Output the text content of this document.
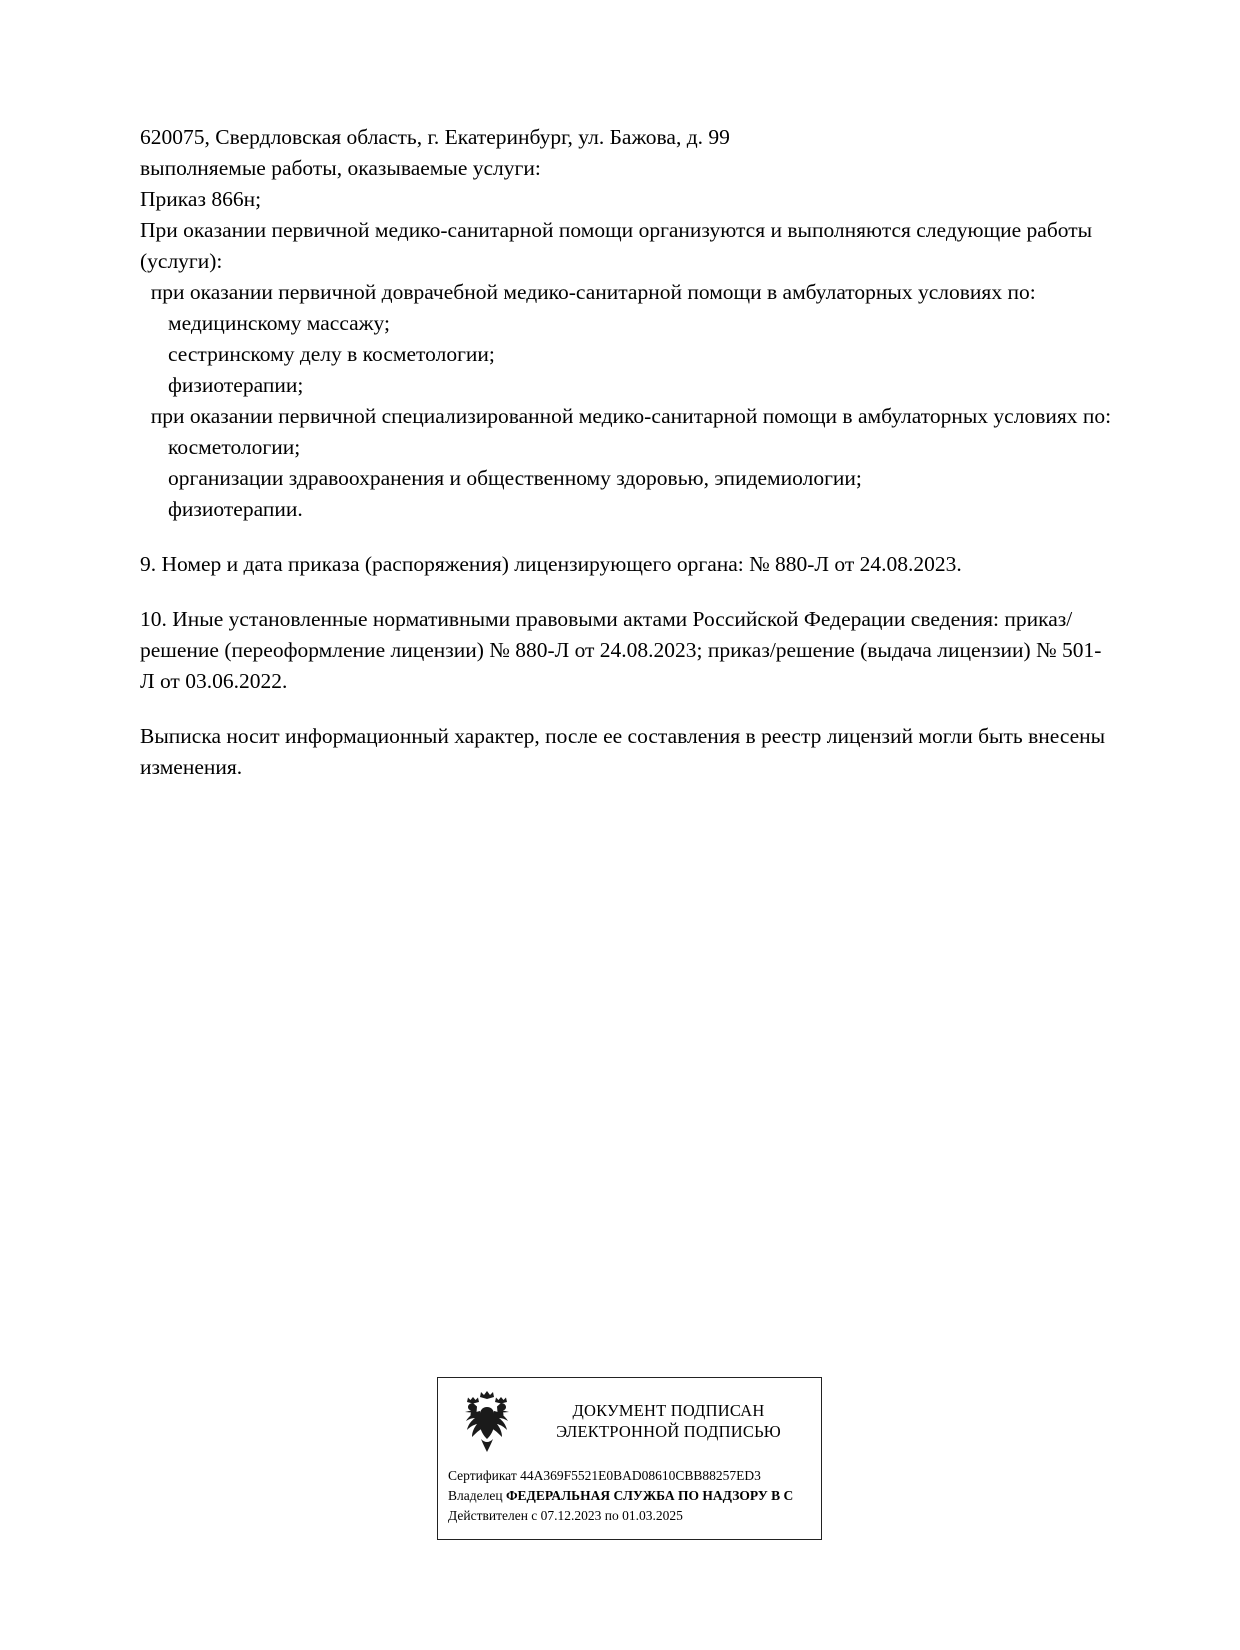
620075, Свердловская область, г. Екатеринбург, ул. Бажова, д. 99
выполняемые работы, оказываемые услуги:
Приказ 866н;
При оказании первичной медико-санитарной помощи организуются и выполняются следующие работы (услуги):
при оказании первичной доврачебной медико-санитарной помощи в амбулаторных условиях по:
медицинскому массажу;
сестринскому делу в косметологии;
физиотерапии;
при оказании первичной специализированной медико-санитарной помощи в амбулаторных условиях по:
косметологии;
организации здравоохранения и общественному здоровью, эпидемиологии;
физиотерапии.
9. Номер и дата приказа (распоряжения) лицензирующего органа: № 880-Л от 24.08.2023.
10. Иные установленные нормативными правовыми актами Российской Федерации сведения: приказ/решение (переоформление лицензии) № 880-Л от 24.08.2023; приказ/решение (выдача лицензии) № 501-Л от 03.06.2022.
Выписка носит информационный характер, после ее составления в реестр лицензий могли быть внесены изменения.
ДОКУМЕНТ ПОДПИСАН
ЭЛЕКТРОННОЙ ПОДПИСЬЮ
Сертификат 44A369F5521E0BAD08610CBB88257ED3
Владелец ФЕДЕРАЛЬНАЯ СЛУЖБА ПО НАДЗОРУ В С
Действителен с 07.12.2023 по 01.03.2025
